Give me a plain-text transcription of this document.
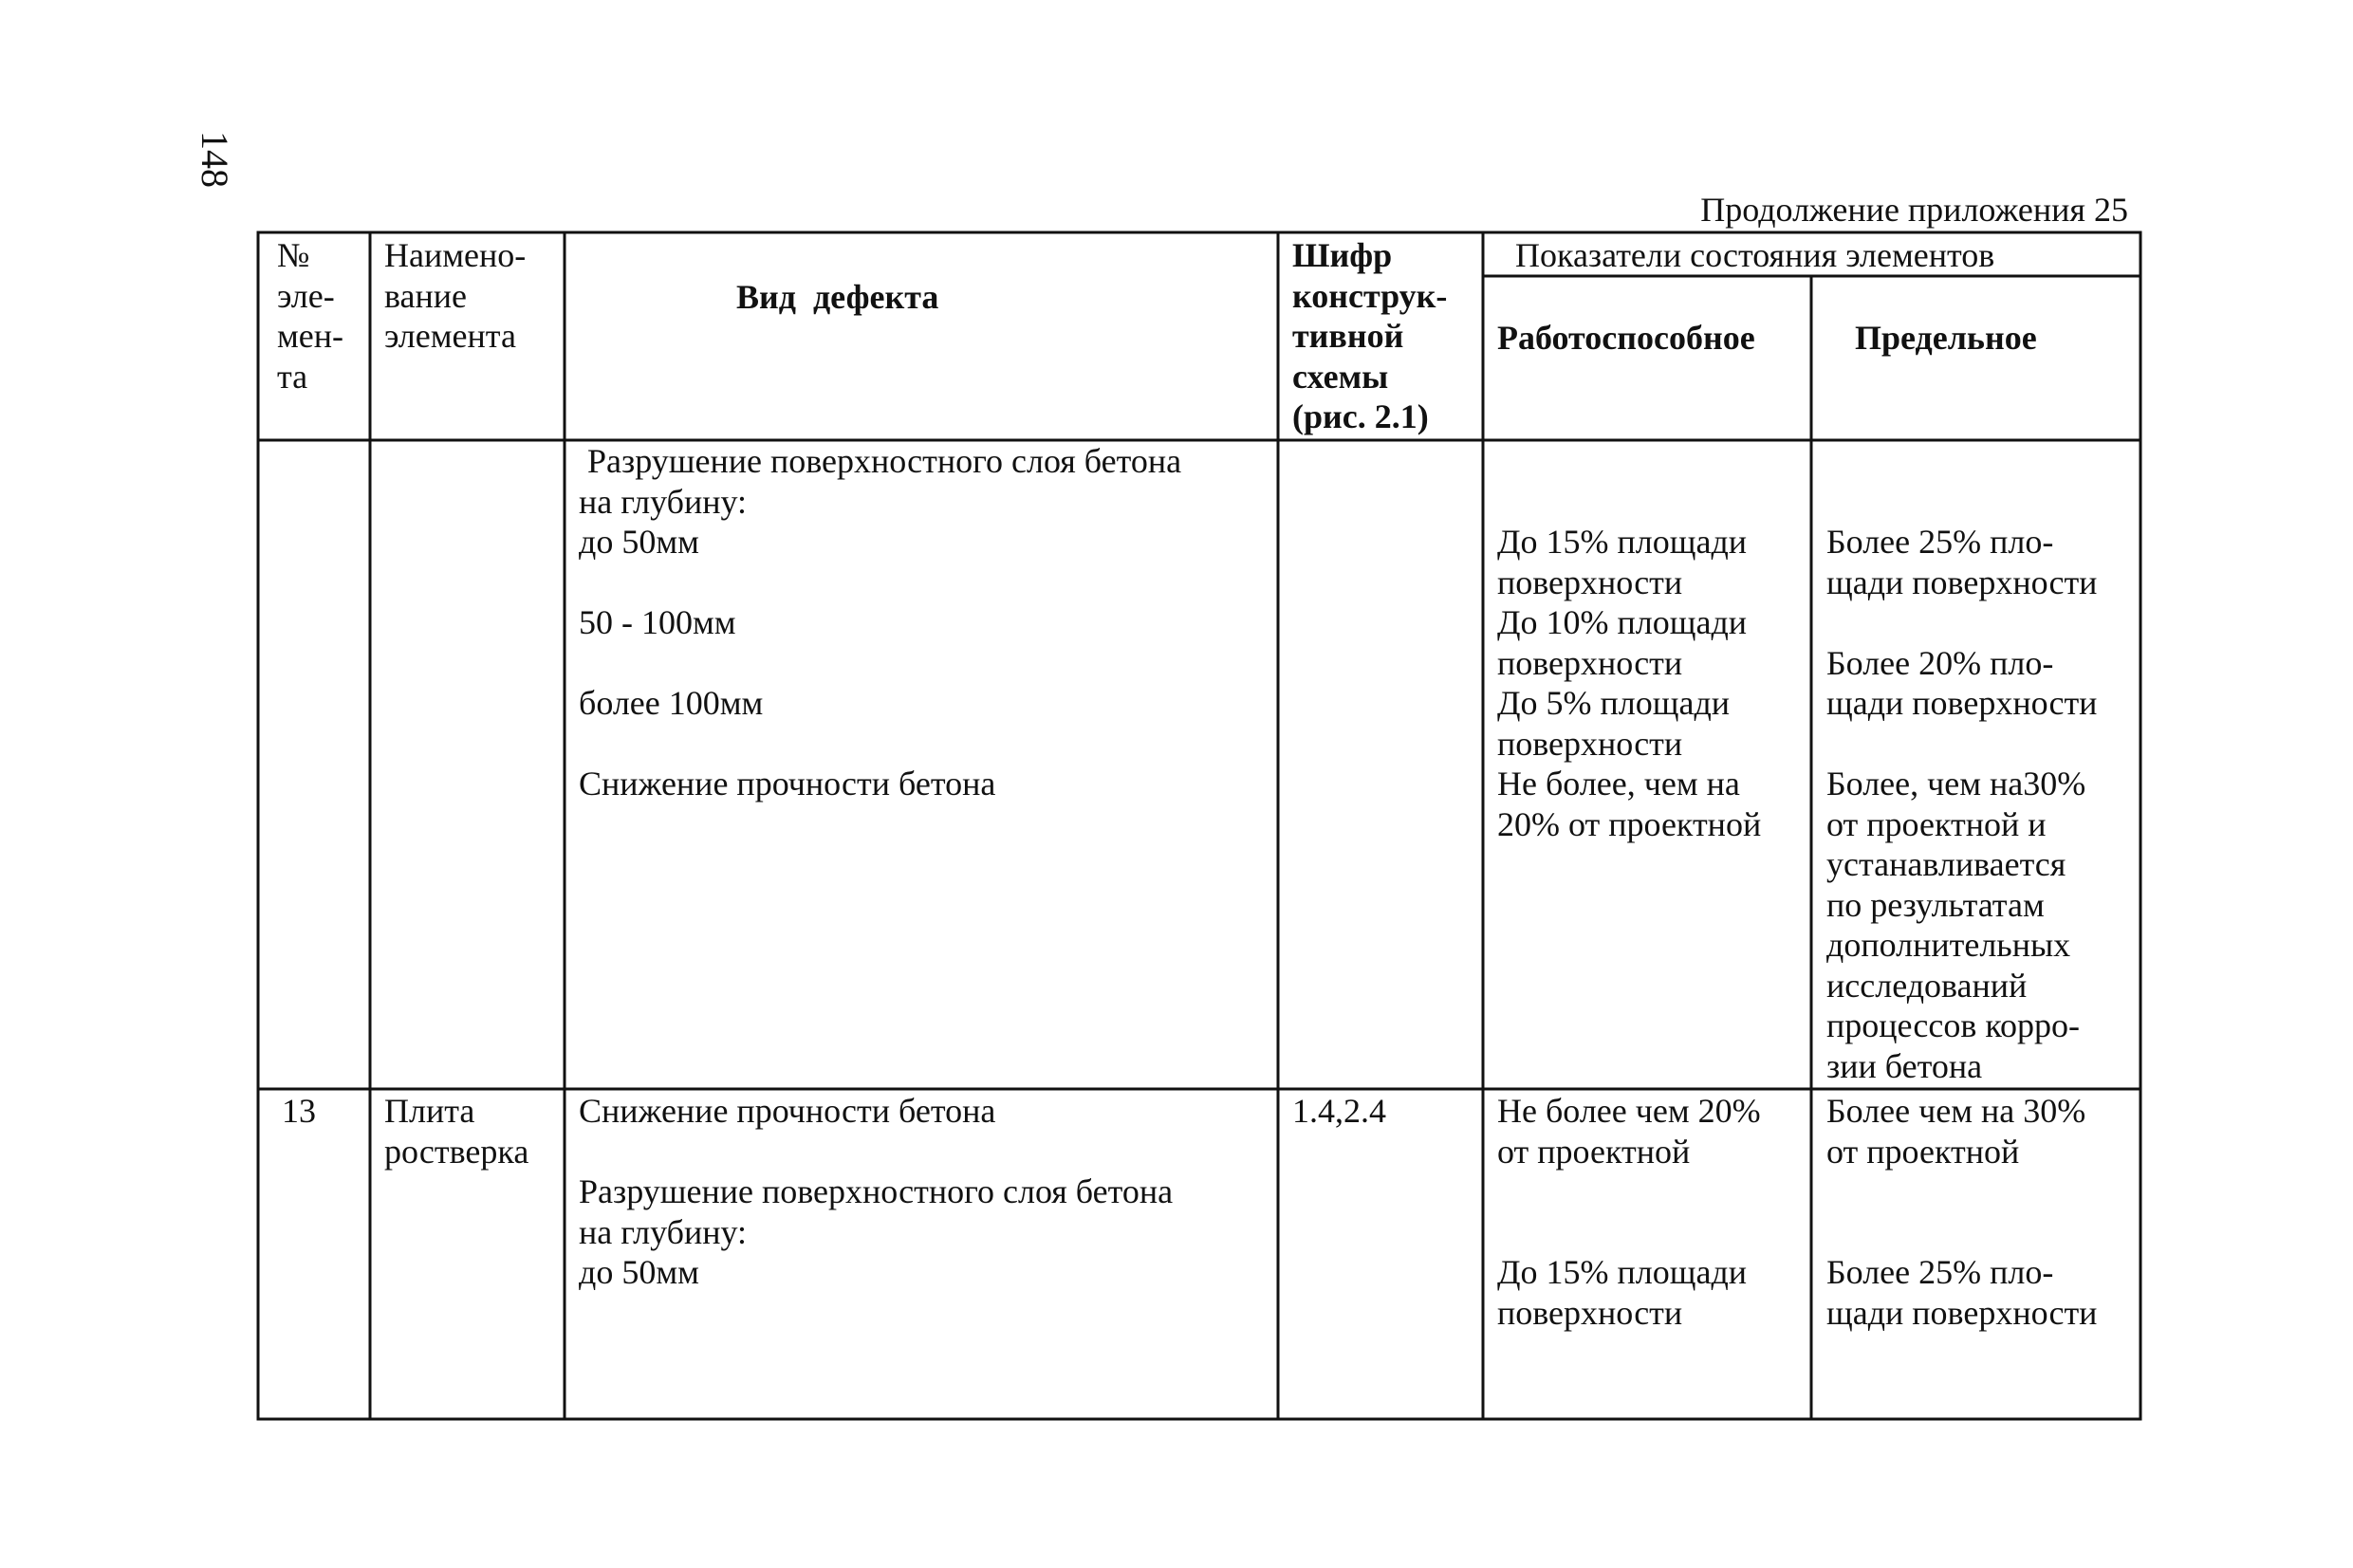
148
Продолжение приложения 25
№
эле-
мен-
та
Наимено-
вание
элемента
Вид  дефекта
Шифр
конструк-
тивной
схемы
(рис. 2.1)
Показатели состояния элементов
Работоспособное	Предельное
Разрушение поверхностного слоя бетона
на глубину:
до 50мм

50 - 100мм

более 100мм

Снижение прочности бетона

До 15% площади
поверхности
До 10% площади
поверхности
До 5% площади
поверхности
Не более, чем на
20% от проектной

Более 25% пло-
щади поверхности

Более 20% пло-
щади поверхности

Более, чем на30%
от проектной и
устанавливается
по результатам
дополнительных
исследований
процессов корро-
зии бетона
13 Плита
ростверка
Снижение прочности бетона

Разрушение поверхностного слоя бетона
на глубину:
до 50мм
1.4,2.4	Не более чем 20%
от проектной

До 15% площади
поверхности
Более чем на 30%
от проектной

Более 25% пло-
щади поверхности
